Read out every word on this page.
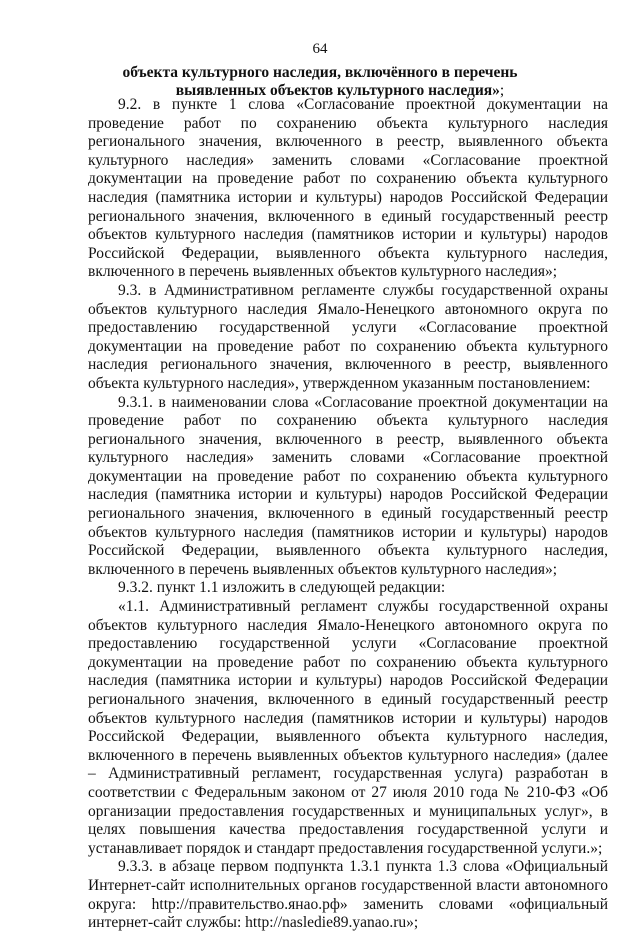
64
объекта культурного наследия, включённого в перечень
выявленных объектов культурного наследия»;

9.2. в пункте 1 слова «Согласование проектной документации на проведение работ по сохранению объекта культурного наследия регионального значения, включенного в реестр, выявленного объекта культурного наследия» заменить словами «Согласование проектной документации на проведение работ по сохранению объекта культурного наследия (памятника истории и культуры) народов Российской Федерации регионального значения, включенного в единый государственный реестр объектов культурного наследия (памятников истории и культуры) народов Российской Федерации, выявленного объекта культурного наследия, включенного в перечень выявленных объектов культурного наследия»;

9.3. в Административном регламенте службы государственной охраны объектов культурного наследия Ямало-Ненецкого автономного округа по предоставлению государственной услуги «Согласование проектной документации на проведение работ по сохранению объекта культурного наследия регионального значения, включенного в реестр, выявленного объекта культурного наследия», утвержденном указанным постановлением:

9.3.1. в наименовании слова «Согласование проектной документации на проведение работ по сохранению объекта культурного наследия регионального значения, включенного в реестр, выявленного объекта культурного наследия» заменить словами «Согласование проектной документации на проведение работ по сохранению объекта культурного наследия (памятника истории и культуры) народов Российской Федерации регионального значения, включенного в единый государственный реестр объектов культурного наследия (памятников истории и культуры) народов Российской Федерации, выявленного объекта культурного наследия, включенного в перечень выявленных объектов культурного наследия»;

9.3.2. пункт 1.1 изложить в следующей редакции:

«1.1. Административный регламент службы государственной охраны объектов культурного наследия Ямало-Ненецкого автономного округа по предоставлению государственной услуги «Согласование проектной документации на проведение работ по сохранению объекта культурного наследия (памятника истории и культуры) народов Российской Федерации регионального значения, включенного в единый государственный реестр объектов культурного наследия (памятников истории и культуры) народов Российской Федерации, выявленного объекта культурного наследия, включенного в перечень выявленных объектов культурного наследия» (далее – Административный регламент, государственная услуга) разработан в соответствии с Федеральным законом от 27 июля 2010 года № 210-ФЗ «Об организации предоставления государственных и муниципальных услуг», в целях повышения качества предоставления государственной услуги и устанавливает порядок и стандарт предоставления государственной услуги.»;

9.3.3. в абзаце первом подпункта 1.3.1 пункта 1.3 слова «Официальный Интернет-сайт исполнительных органов государственной власти автономного округа: http://правительство.янао.рф» заменить словами «официальный интернет-сайт службы: http://nasledie89.yanao.ru»;
